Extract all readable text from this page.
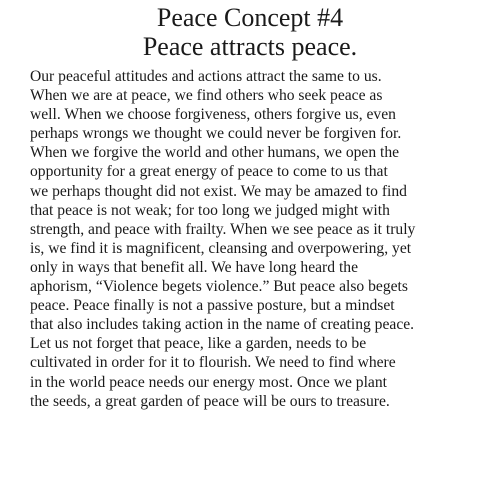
Peace Concept #4
Peace attracts peace.
Our peaceful attitudes and actions attract the same to us.
When we are at peace, we find others who seek peace as
well. When we choose forgiveness, others forgive us, even
perhaps wrongs we thought we could never be forgiven for.
When we forgive the world and other humans, we open the
opportunity for a great energy of peace to come to us that
we perhaps thought did not exist. We may be amazed to find
that peace is not weak; for too long we judged might with
strength, and peace with frailty. When we see peace as it truly
is, we find it is magnificent, cleansing and overpowering, yet
only in ways that benefit all. We have long heard the
aphorism, “Violence begets violence.” But peace also begets
peace. Peace finally is not a passive posture, but a mindset
that also includes taking action in the name of creating peace.
Let us not forget that peace, like a garden, needs to be
cultivated in order for it to flourish. We need to find where
in the world peace needs our energy most. Once we plant
the seeds, a great garden of peace will be ours to treasure.
